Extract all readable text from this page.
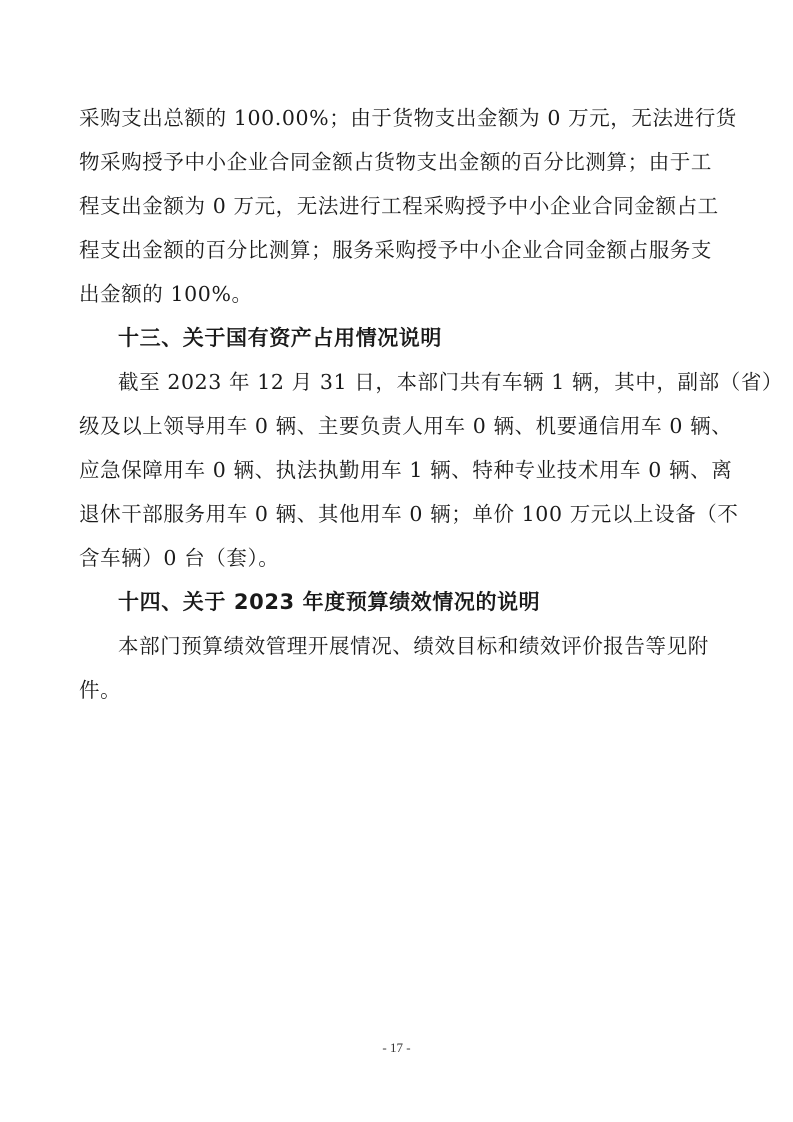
采购支出总额的 100.00%；由于货物支出金额为 0 万元，无法进行货
物采购授予中小企业合同金额占货物支出金额的百分比测算；由于工
程支出金额为 0 万元，无法进行工程采购授予中小企业合同金额占工
程支出金额的百分比测算；服务采购授予中小企业合同金额占服务支
出金额的 100%。
十三、关于国有资产占用情况说明
截至 2023 年 12 月 31 日，本部门共有车辆 1 辆，其中，副部（省）
级及以上领导用车 0 辆、主要负责人用车 0 辆、机要通信用车 0 辆、
应急保障用车 0 辆、执法执勤用车 1 辆、特种专业技术用车 0 辆、离
退休干部服务用车 0 辆、其他用车 0 辆；单价 100 万元以上设备（不
含车辆）0 台（套）。
十四、关于 2023 年度预算绩效情况的说明
本部门预算绩效管理开展情况、绩效目标和绩效评价报告等见附
件。
- 17 -
